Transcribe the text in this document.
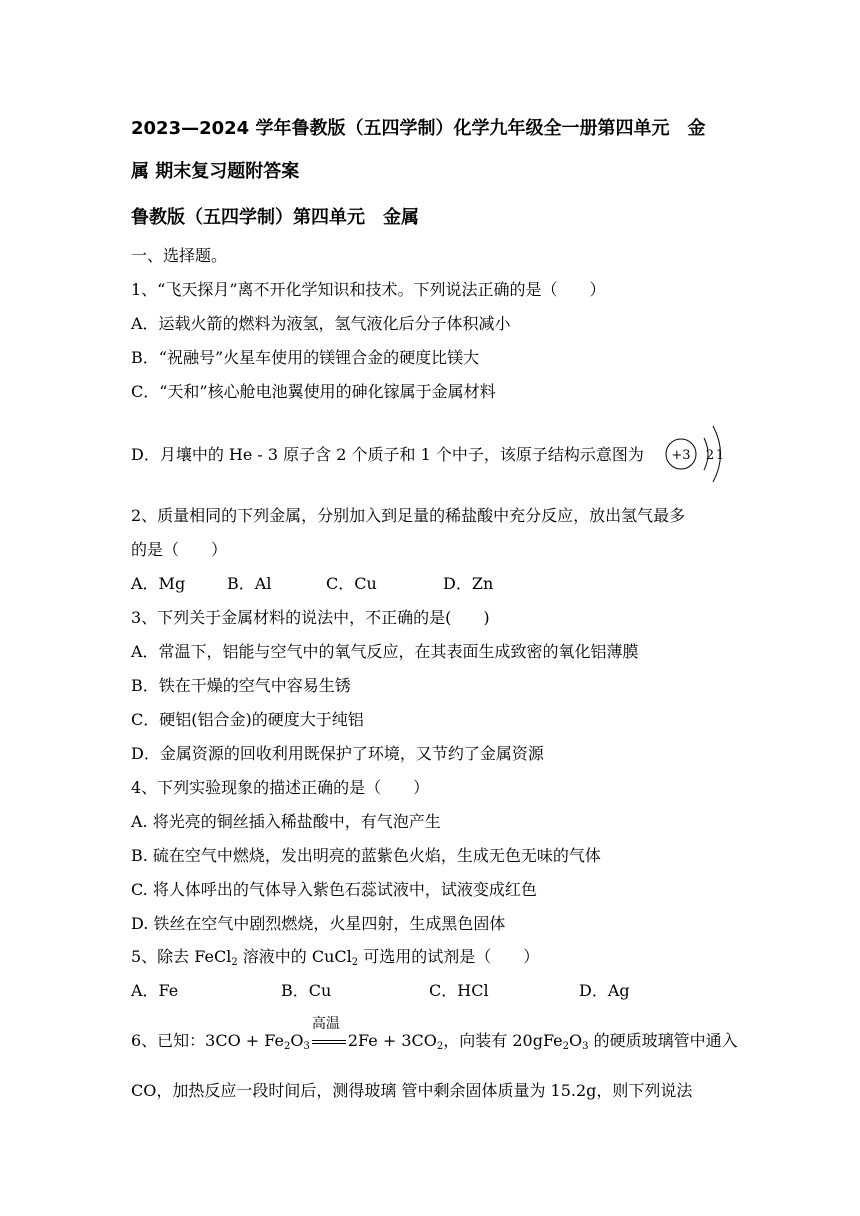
2023—2024 学年鲁教版（五四学制）化学九年级全一册第四单元　金
属 期末复习题附答案
鲁教版（五四学制）第四单元　金属
一、选择题。
1、“飞天探月”离不开化学知识和技术。下列说法正确的是（　　）
A．运载火箭的燃料为液氢，氢气液化后分子体积减小
B．“祝融号”火星车使用的镁锂合金的硬度比镁大
C．“天和”核心舱电池翼使用的砷化镓属于金属材料
D．月壤中的 He - 3 原子含 2 个质子和 1 个中子，该原子结构示意图为 +3 2 1
2、质量相同的下列金属，分别加入到足量的稀盐酸中充分反应，放出氢气最多
的是（　　）
A．Mg	B．Al	C．Cu	D．Zn
3、下列关于金属材料的说法中，不正确的是(　　)
A．常温下，铝能与空气中的氧气反应，在其表面生成致密的氧化铝薄膜
B．铁在干燥的空气中容易生锈
C．硬铝(铝合金)的硬度大于纯铝
D．金属资源的回收利用既保护了环境，又节约了金属资源
4、下列实验现象的描述正确的是（　　）
A. 将光亮的铜丝插入稀盐酸中，有气泡产生
B. 硫在空气中燃烧，发出明亮的蓝紫色火焰，生成无色无味的气体
C. 将人体呼出的气体导入紫色石蕊试液中，试液变成红色
D. 铁丝在空气中剧烈燃烧，火星四射，生成黑色固体
5、除去 FeCl$_2$ 溶液中的 CuCl$_2$ 可选用的试剂是（　　）
A．Fe	B．Cu	C．HCl	D．Ag
6、已知：$3CO + Fe_2O_3$
高温
$2Fe + 3CO_2$，向装有 $20gFe_2O_3$ 的硬质玻璃管中通入
CO，加热反应一段时间后，测得玻璃 管中剩余固体质量为 15.2g，则下列说法
